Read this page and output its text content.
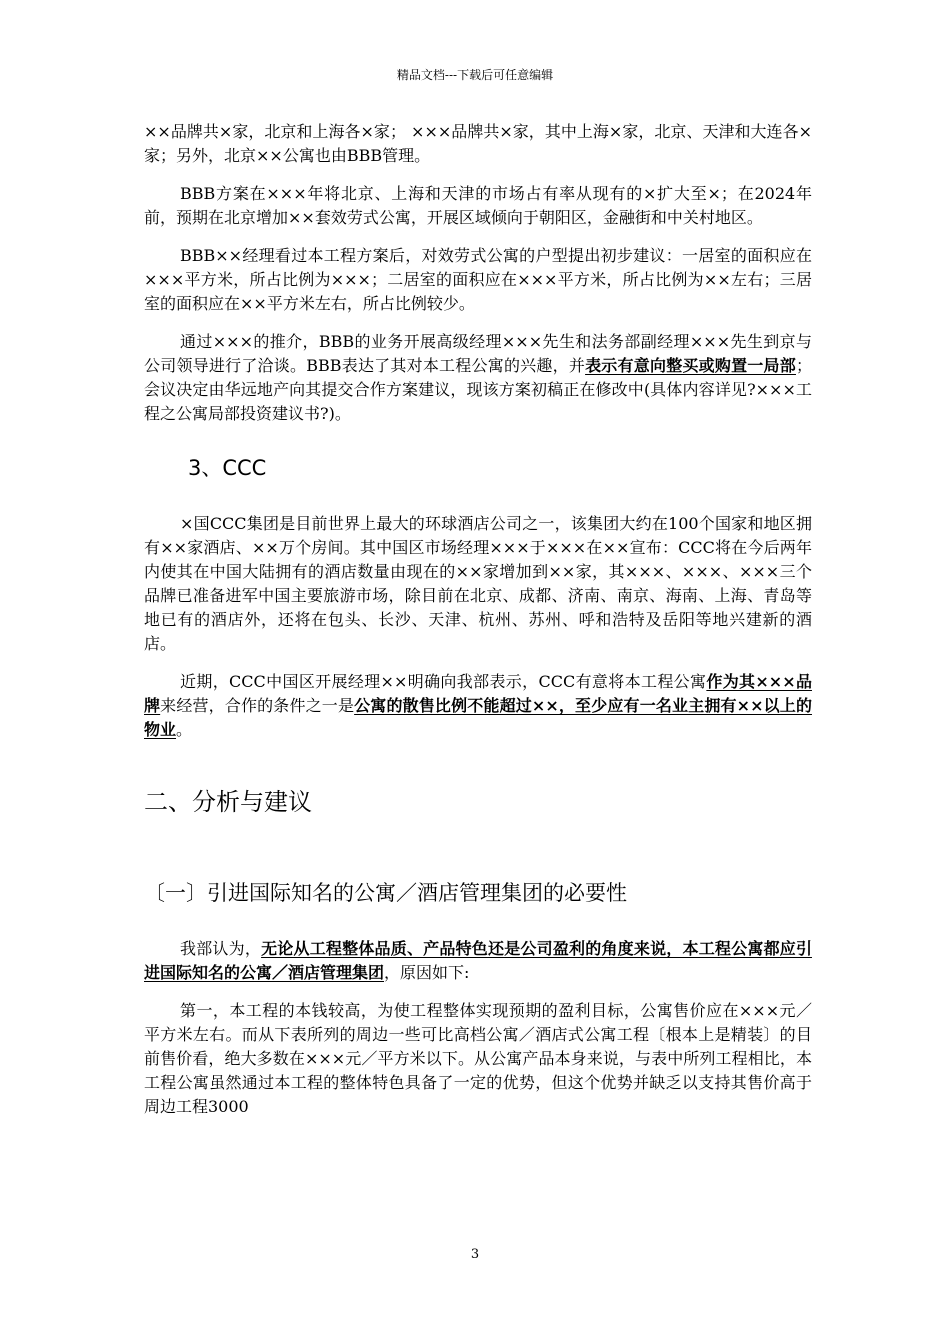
精品文档---下载后可任意编辑

××品牌共×家，北京和上海各×家； ×××品牌共×家，其中上海×家，北京、天津和大连各×家；另外，北京××公寓也由BBB管理。

BBB方案在×××年将北京、上海和天津的市场占有率从现有的×扩大至×；在2024年前，预期在北京增加××套效劳式公寓，开展区域倾向于朝阳区，金融街和中关村地区。

BBB××经理看过本工程方案后，对效劳式公寓的户型提出初步建议：一居室的面积应在×××平方米，所占比例为×××；二居室的面积应在×××平方米，所占比例为××左右；三居室的面积应在××平方米左右，所占比例较少。

通过×××的推介，BBB的业务开展高级经理×××先生和法务部副经理×××先生到京与公司领导进行了洽谈。BBB表达了其对本工程公寓的兴趣，并表示有意向整买或购置一局部；会议决定由华远地产向其提交合作方案建议，现该方案初稿正在修改中(具体内容详见?×××工程之公寓局部投资建议书?)。

3、CCC

×国CCC集团是目前世界上最大的环球酒店公司之一，该集团大约在100个国家和地区拥有××家酒店、××万个房间。其中国区市场经理×××于×××在××宣布：CCC将在今后两年内使其在中国大陆拥有的酒店数量由现在的××家增加到××家，其×××、×××、×××三个品牌已准备进军中国主要旅游市场，除目前在北京、成都、济南、南京、海南、上海、青岛等地已有的酒店外，还将在包头、长沙、天津、杭州、苏州、呼和浩特及岳阳等地兴建新的酒店。

近期，CCC中国区开展经理××明确向我部表示，CCC有意将本工程公寓作为其×××品牌来经营，合作的条件之一是公寓的散售比例不能超过××，至少应有一名业主拥有××以上的物业。

二、分析与建议
〔一〕引进国际知名的公寓／酒店管理集团的必要性

我部认为，无论从工程整体品质、产品特色还是公司盈利的角度来说，本工程公寓都应引进国际知名的公寓／酒店管理集团，原因如下:

第一，本工程的本钱较高，为使工程整体实现预期的盈利目标，公寓售价应在×××元／平方米左右。而从下表所列的周边一些可比高档公寓／酒店式公寓工程〔根本上是精装〕的目前售价看，绝大多数在×××元／平方米以下。从公寓产品本身来说，与表中所列工程相比，本工程公寓虽然通过本工程的整体特色具备了一定的优势，但这个优势并缺乏以支持其售价高于周边工程3000

3
